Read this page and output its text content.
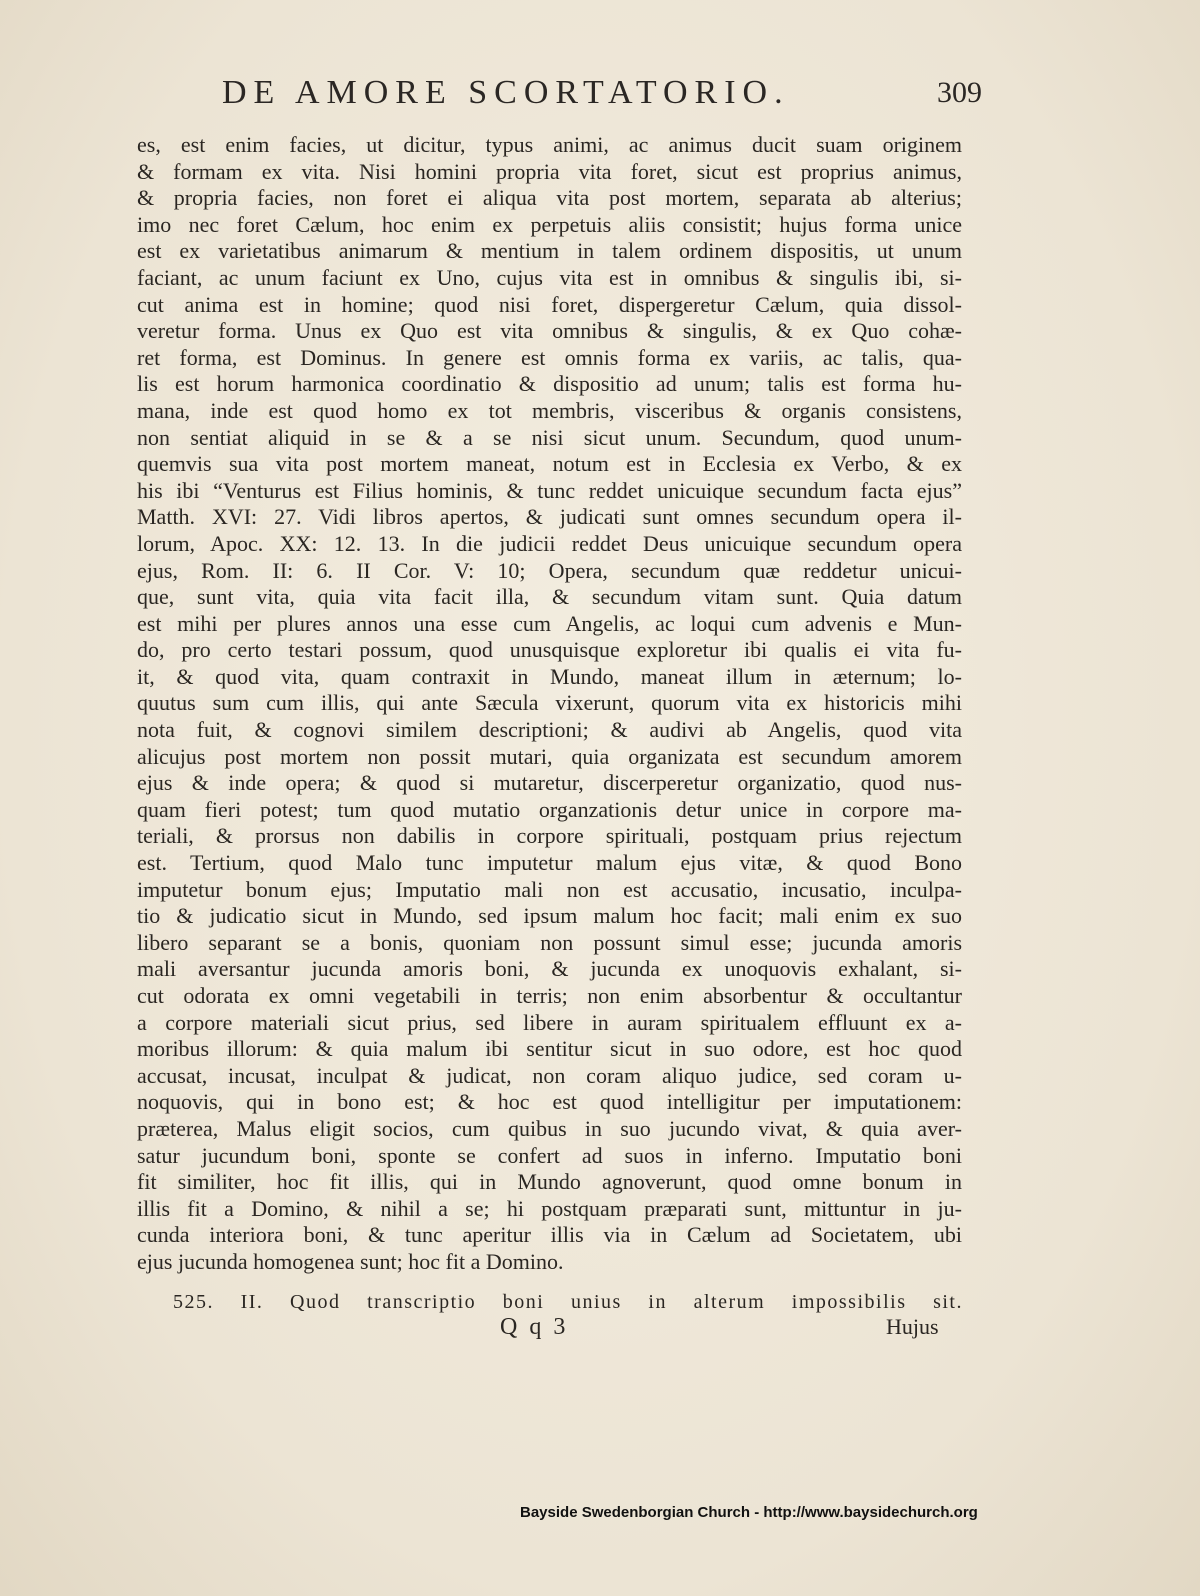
DE AMORE SCORTATORIO.	309
es, est enim facies, ut dicitur, typus animi, ac animus ducit suam originem
& formam ex vita. Nisi homini propria vita foret, sicut est proprius animus,
& propria facies, non foret ei aliqua vita post mortem, separata ab alterius;
imo nec foret Cælum, hoc enim ex perpetuis aliis consistit; hujus forma unice
est ex varietatibus animarum & mentium in talem ordinem dispositis, ut unum
faciant, ac unum faciunt ex Uno, cujus vita est in omnibus & singulis ibi, si-
cut anima est in homine; quod nisi foret, dispergeretur Cælum, quia dissol-
veretur forma. Unus ex Quo est vita omnibus & singulis, & ex Quo cohæ-
ret forma, est Dominus. In genere est omnis forma ex variis, ac talis, qua-
lis est horum harmonica coordinatio & dispositio ad unum; talis est forma hu-
mana, inde est quod homo ex tot membris, visceribus & organis consistens,
non sentiat aliquid in se & a se nisi sicut unum. Secundum, quod unum-
quemvis sua vita post mortem maneat, notum est in Ecclesia ex Verbo, & ex
his ibi “Venturus est Filius hominis, & tunc reddet unicuique secundum facta ejus”
Matth. XVI: 27. Vidi libros apertos, & judicati sunt omnes secundum opera il-
lorum, Apoc. XX: 12. 13. In die judicii reddet Deus unicuique secundum opera
ejus, Rom. II: 6. II Cor. V: 10; Opera, secundum quæ reddetur unicui-
que, sunt vita, quia vita facit illa, & secundum vitam sunt. Quia datum
est mihi per plures annos una esse cum Angelis, ac loqui cum advenis e Mun-
do, pro certo testari possum, quod unusquisque exploretur ibi qualis ei vita fu-
it, & quod vita, quam contraxit in Mundo, maneat illum in æternum; lo-
quutus sum cum illis, qui ante Sæcula vixerunt, quorum vita ex historicis mihi
nota fuit, & cognovi similem descriptioni; & audivi ab Angelis, quod vita
alicujus post mortem non possit mutari, quia organizata est secundum amorem
ejus & inde opera; & quod si mutaretur, discerperetur organizatio, quod nus-
quam fieri potest; tum quod mutatio organzationis detur unice in corpore ma-
teriali, & prorsus non dabilis in corpore spirituali, postquam prius rejectum
est. Tertium, quod Malo tunc imputetur malum ejus vitæ, & quod Bono
imputetur bonum ejus; Imputatio mali non est accusatio, incusatio, inculpa-
tio & judicatio sicut in Mundo, sed ipsum malum hoc facit; mali enim ex suo
libero separant se a bonis, quoniam non possunt simul esse; jucunda amoris
mali aversantur jucunda amoris boni, & jucunda ex unoquovis exhalant, si-
cut odorata ex omni vegetabili in terris; non enim absorbentur & occultantur
a corpore materiali sicut prius, sed libere in auram spiritualem effluunt ex a-
moribus illorum: & quia malum ibi sentitur sicut in suo odore, est hoc quod
accusat, incusat, inculpat & judicat, non coram aliquo judice, sed coram u-
noquovis, qui in bono est; & hoc est quod intelligitur per imputationem:
præterea, Malus eligit socios, cum quibus in suo jucundo vivat, & quia aver-
satur jucundum boni, sponte se confert ad suos in inferno. Imputatio boni
fit similiter, hoc fit illis, qui in Mundo agnoverunt, quod omne bonum in
illis fit a Domino, & nihil a se; hi postquam præparati sunt, mittuntur in ju-
cunda interiora boni, & tunc aperitur illis via in Cælum ad Societatem, ubi
ejus jucunda homogenea sunt; hoc fit a Domino.
525. II. Quod transcriptio boni unius in alterum impossibilis sit.
Q q 3	Hujus
Bayside Swedenborgian Church - http://www.baysidechurch.org
